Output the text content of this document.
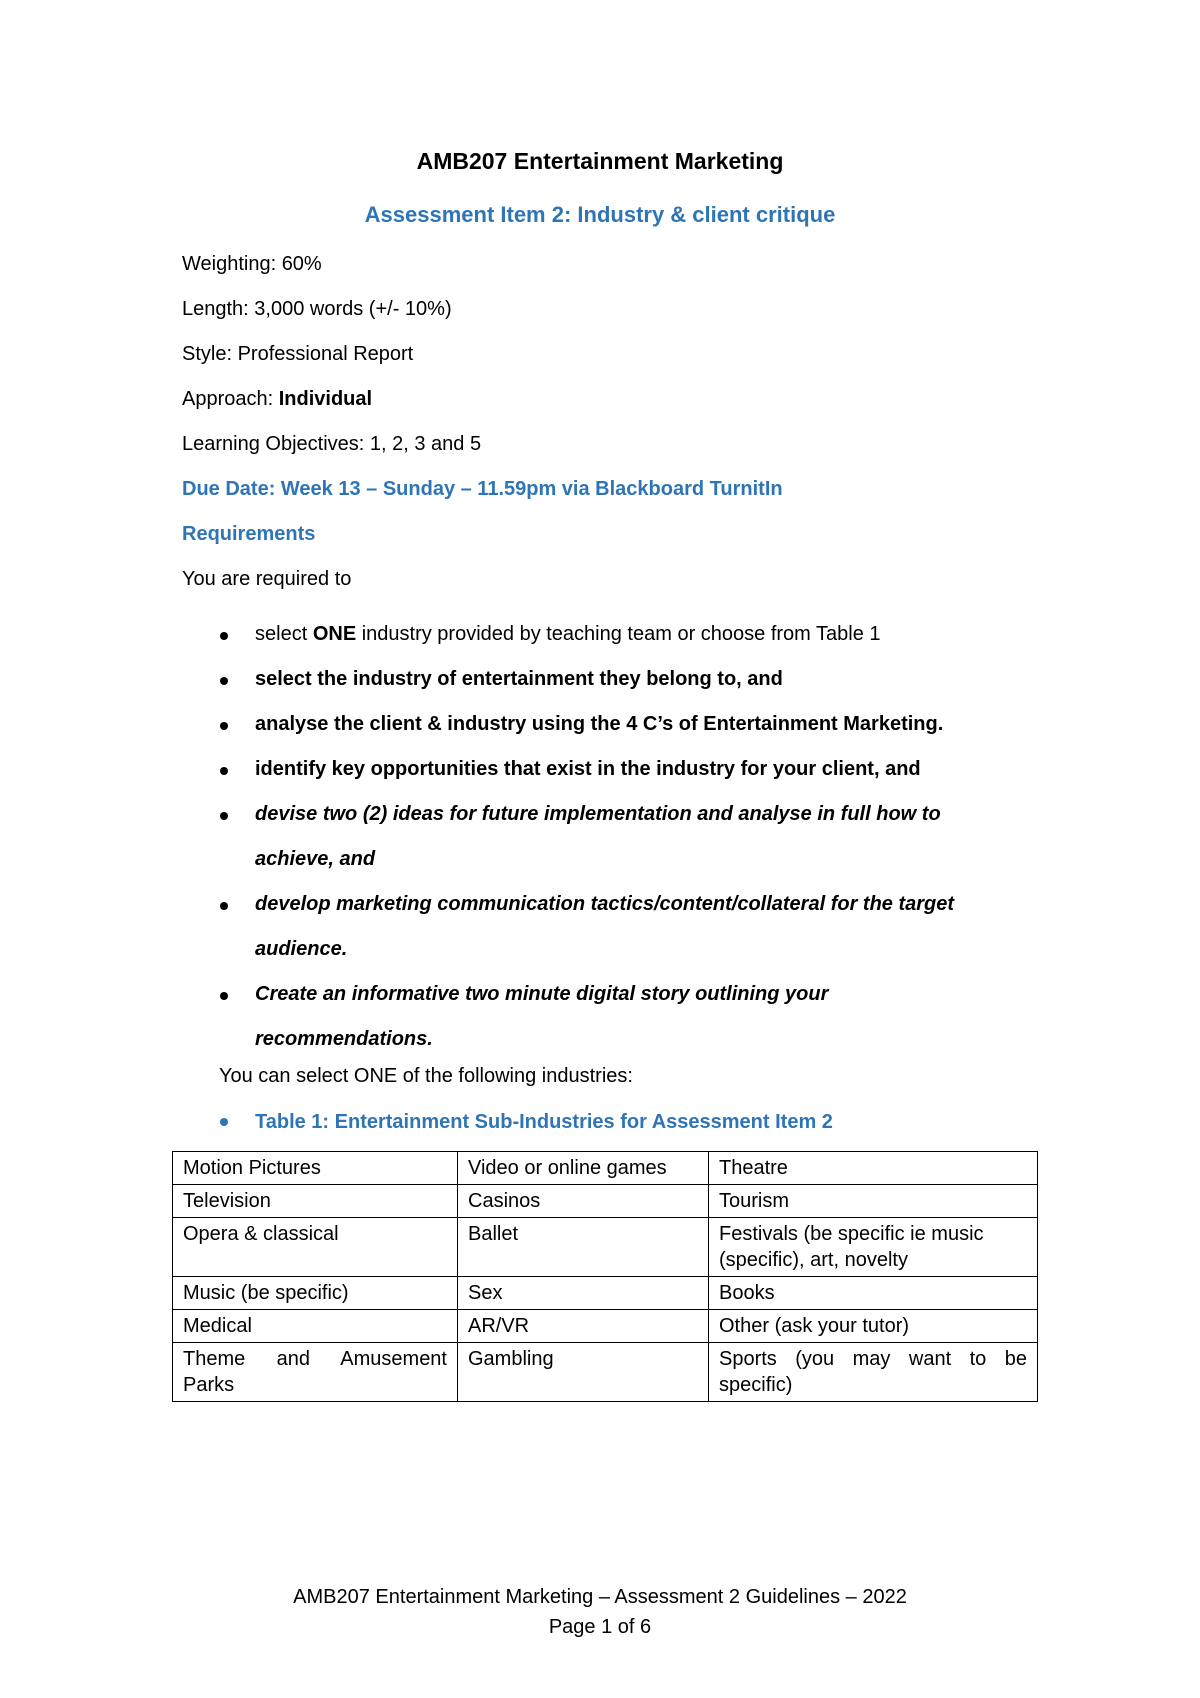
AMB207 Entertainment Marketing
Assessment Item 2: Industry & client critique
Weighting: 60%
Length: 3,000 words (+/- 10%)
Style: Professional Report
Approach: Individual
Learning Objectives: 1, 2, 3 and 5
Due Date: Week 13 – Sunday – 11.59pm via Blackboard TurnitIn
Requirements
You are required to
select ONE industry provided by teaching team or choose from Table 1
select the industry of entertainment they belong to, and
analyse the client & industry using the 4 C’s of Entertainment Marketing.
identify key opportunities that exist in the industry for your client, and
devise two (2) ideas for future implementation and analyse in full how to
achieve, and
develop marketing communication tactics/content/collateral for the target
audience.
Create an informative two minute digital story outlining your
recommendations.
You can select ONE of the following industries:
Table 1: Entertainment Sub-Industries for Assessment Item 2
Motion Pictures	Video or online games	Theatre
Television	Casinos	Tourism
Opera & classical	Ballet	Festivals (be specific ie music (specific), art, novelty
Music (be specific)	Sex	Books
Medical	AR/VR	Other (ask your tutor)
Theme and Amusement Parks	Gambling	Sports (you may want to be specific)
AMB207 Entertainment Marketing – Assessment 2 Guidelines – 2022
Page 1 of 6
